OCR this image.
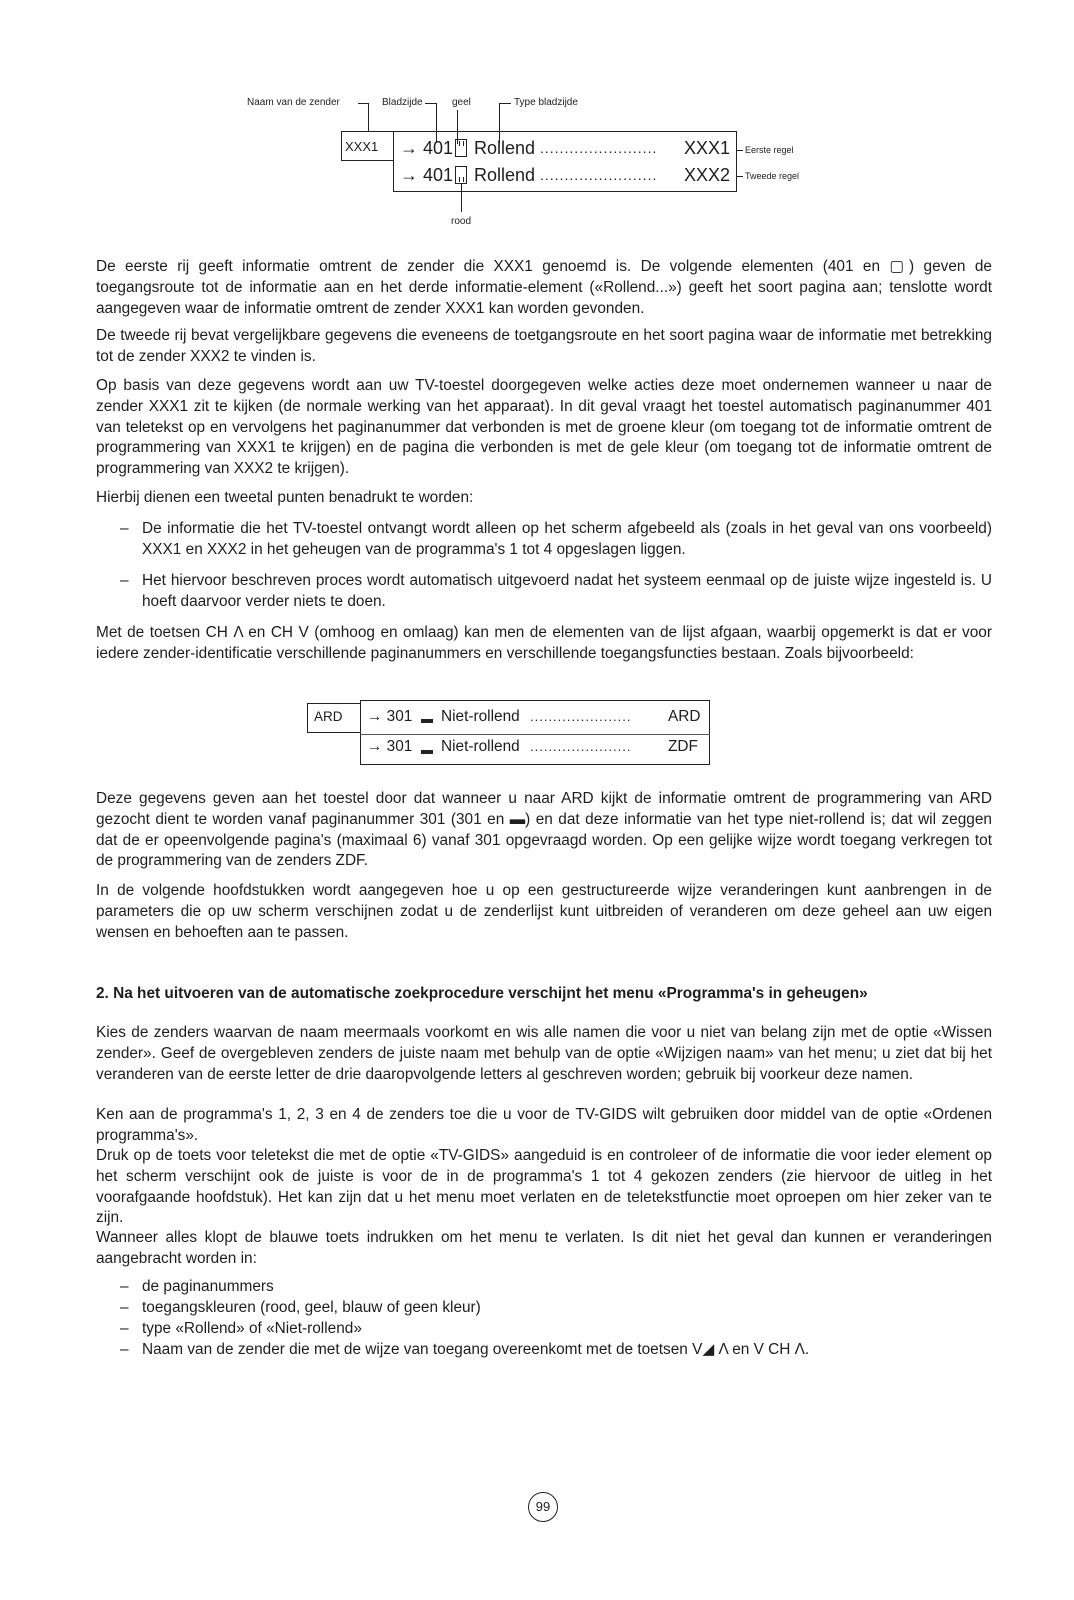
Naam van de zender	Bladzijde	geel	Type bladzijde
XXX1 → 401 Rollend ........................ XXX1
→ 401 Rollend ........................ XXX2
Eerste regel
Tweede regel
rood

De eerste rij geeft informatie omtrent de zender die XXX1 genoemd is. De volgende elementen (401 en ▢) geven de toegangsroute tot de informatie aan en het derde informatie-element («Rollend...») geeft het soort pagina aan; tenslotte wordt aangegeven waar de informatie omtrent de zender XXX1 kan worden gevonden.

De tweede rij bevat vergelijkbare gegevens die eveneens de toetgangsroute en het soort pagina waar de informatie met betrekking tot de zender XXX2 te vinden is.

Op basis van deze gegevens wordt aan uw TV-toestel doorgegeven welke acties deze moet ondernemen wanneer u naar de zender XXX1 zit te kijken (de normale werking van het apparaat). In dit geval vraagt het toestel automatisch paginanummer 401 van teletekst op en vervolgens het paginanummer dat verbonden is met de groene kleur (om toegang tot de informatie omtrent de programmering van XXX1 te krijgen) en de pagina die verbonden is met de gele kleur (om toegang tot de informatie omtrent de programmering van XXX2 te krijgen).

Hierbij dienen een tweetal punten benadrukt te worden:

– De informatie die het TV-toestel ontvangt wordt alleen op het scherm afgebeeld als (zoals in het geval van ons voorbeeld) XXX1 en XXX2 in het geheugen van de programma's 1 tot 4 opgeslagen liggen.
– Het hiervoor beschreven proces wordt automatisch uitgevoerd nadat het systeem eenmaal op de juiste wijze ingesteld is. U hoeft daarvoor verder niets te doen.

Met de toetsen CH Λ en CH V (omhoog en omlaag) kan men de elementen van de lijst afgaan, waarbij opgemerkt is dat er voor iedere zender-identificatie verschillende paginanummers en verschillende toegangsfuncties bestaan. Zoals bijvoorbeeld:

ARD → 301 Niet-rollend ...................... ARD
→ 301 Niet-rollend ...................... ZDF

Deze gegevens geven aan het toestel door dat wanneer u naar ARD kijkt de informatie omtrent de programmering van ARD gezocht dient te worden vanaf paginanummer 301 (301 en ▬) en dat deze informatie van het type niet-rollend is; dat wil zeggen dat de er opeenvolgende pagina's (maximaal 6) vanaf 301 opgevraagd worden. Op een gelijke wijze wordt toegang verkregen tot de programmering van de zenders ZDF.

In de volgende hoofdstukken wordt aangegeven hoe u op een gestructureerde wijze veranderingen kunt aanbrengen in de parameters die op uw scherm verschijnen zodat u de zenderlijst kunt uitbreiden of veranderen om deze geheel aan uw eigen wensen en behoeften aan te passen.

2. Na het uitvoeren van de automatische zoekprocedure verschijnt het menu «Programma's in geheugen»

Kies de zenders waarvan de naam meermaals voorkomt en wis alle namen die voor u niet van belang zijn met de optie «Wissen zender». Geef de overgebleven zenders de juiste naam met behulp van de optie «Wijzigen naam» van het menu; u ziet dat bij het veranderen van de eerste letter de drie daaropvolgende letters al geschreven worden; gebruik bij voorkeur deze namen.

Ken aan de programma's 1, 2, 3 en 4 de zenders toe die u voor de TV-GIDS wilt gebruiken door middel van de optie «Ordenen programma's».

Druk op de toets voor teletekst die met de optie «TV-GIDS» aangeduid is en controleer of de informatie die voor ieder element op het scherm verschijnt ook de juiste is voor de in de programma's 1 tot 4 gekozen zenders (zie hiervoor de uitleg in het voorafgaande hoofdstuk). Het kan zijn dat u het menu moet verlaten en de teletekstfunctie moet oproepen om hier zeker van te zijn.

Wanneer alles klopt de blauwe toets indrukken om het menu te verlaten. Is dit niet het geval dan kunnen er veranderingen aangebracht worden in:

– de paginanummers
– toegangskleuren (rood, geel, blauw of geen kleur)
– type «Rollend» of «Niet-rollend»
– Naam van de zender die met de wijze van toegang overeenkomt met de toetsen V◢ Λ en V CH Λ.
99
